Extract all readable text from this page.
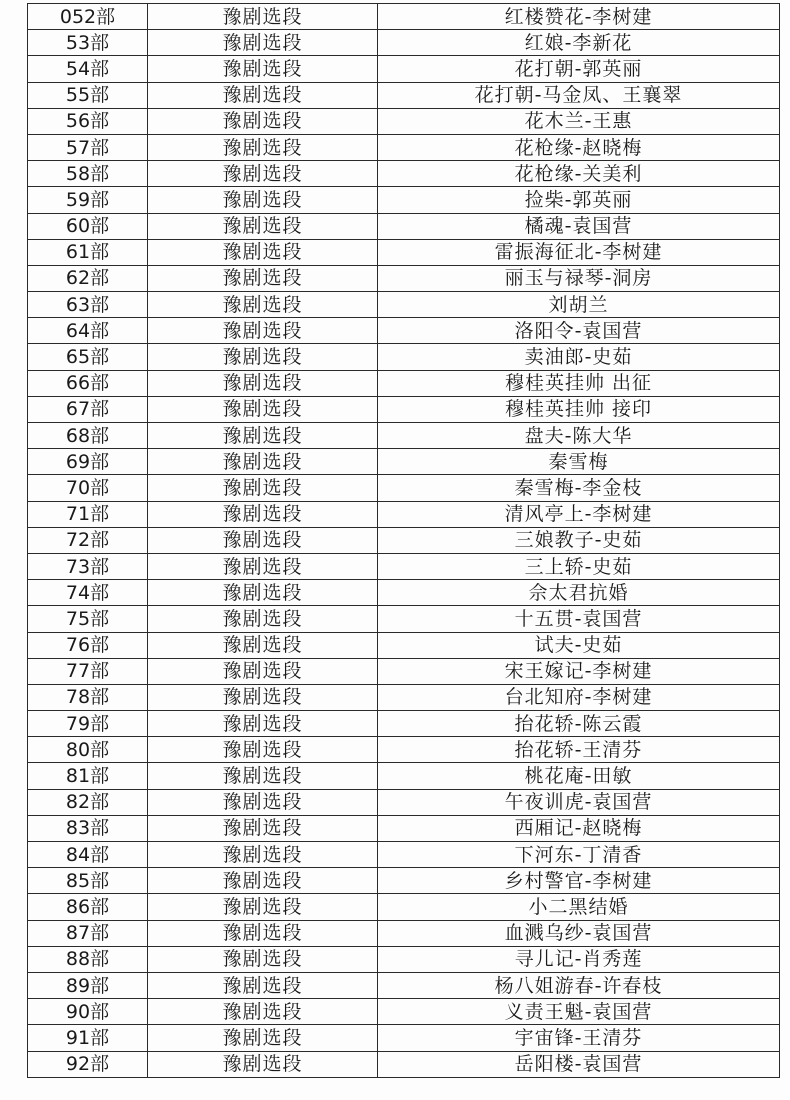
052部	豫剧选段	红楼赞花-李树建
53部	豫剧选段	红娘-李新花
54部	豫剧选段	花打朝-郭英丽
55部	豫剧选段	花打朝-马金凤、王襄翠
56部	豫剧选段	花木兰-王惠
57部	豫剧选段	花枪缘-赵晓梅
58部	豫剧选段	花枪缘-关美利
59部	豫剧选段	捡柴-郭英丽
60部	豫剧选段	橘魂-袁国营
61部	豫剧选段	雷振海征北-李树建
62部	豫剧选段	丽玉与禄琴-洞房
63部	豫剧选段	刘胡兰
64部	豫剧选段	洛阳令-袁国营
65部	豫剧选段	卖油郎-史茹
66部	豫剧选段	穆桂英挂帅 出征
67部	豫剧选段	穆桂英挂帅 接印
68部	豫剧选段	盘夫-陈大华
69部	豫剧选段	秦雪梅
70部	豫剧选段	秦雪梅-李金枝
71部	豫剧选段	清风亭上-李树建
72部	豫剧选段	三娘教子-史茹
73部	豫剧选段	三上轿-史茹
74部	豫剧选段	佘太君抗婚
75部	豫剧选段	十五贯-袁国营
76部	豫剧选段	试夫-史茹
77部	豫剧选段	宋王嫁记-李树建
78部	豫剧选段	台北知府-李树建
79部	豫剧选段	抬花轿-陈云霞
80部	豫剧选段	抬花轿-王清芬
81部	豫剧选段	桃花庵-田敏
82部	豫剧选段	午夜训虎-袁国营
83部	豫剧选段	西厢记-赵晓梅
84部	豫剧选段	下河东-丁清香
85部	豫剧选段	乡村警官-李树建
86部	豫剧选段	小二黑结婚
87部	豫剧选段	血溅乌纱-袁国营
88部	豫剧选段	寻儿记-肖秀莲
89部	豫剧选段	杨八姐游春-许春枝
90部	豫剧选段	义责王魁-袁国营
91部	豫剧选段	宇宙锋-王清芬
92部	豫剧选段	岳阳楼-袁国营
